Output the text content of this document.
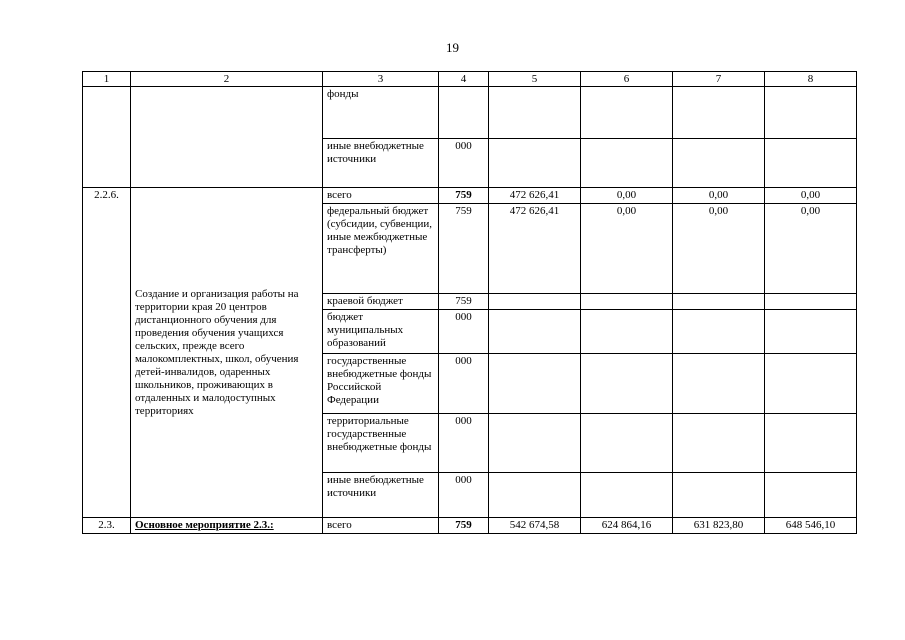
19
1	2	3	4	5	6	7	8
		фонды					
		иные внебюджетные источники	000				
2.2.6.	Создание и организация работы на территории края 20 центров дистанционного обучения для проведения обучения учащихся сельских, прежде всего малокомплектных, школ, обучения детей-инвалидов, одаренных школьников, проживающих в отдаленных и малодоступных территориях	всего	759	472 626,41	0,00	0,00	0,00
		федеральный бюджет (субсидии, субвенции, иные межбюджетные трансферты)	759	472 626,41	0,00	0,00	0,00
		краевой бюджет	759				
		бюджет муниципальных образований	000				
		государственные внебюджетные фонды Российской Федерации	000				
		территориальные государственные внебюджетные фонды	000				
		иные внебюджетные источники	000				
2.3.	Основное мероприятие 2.3.:	всего	759	542 674,58	624 864,16	631 823,80	648 546,10
